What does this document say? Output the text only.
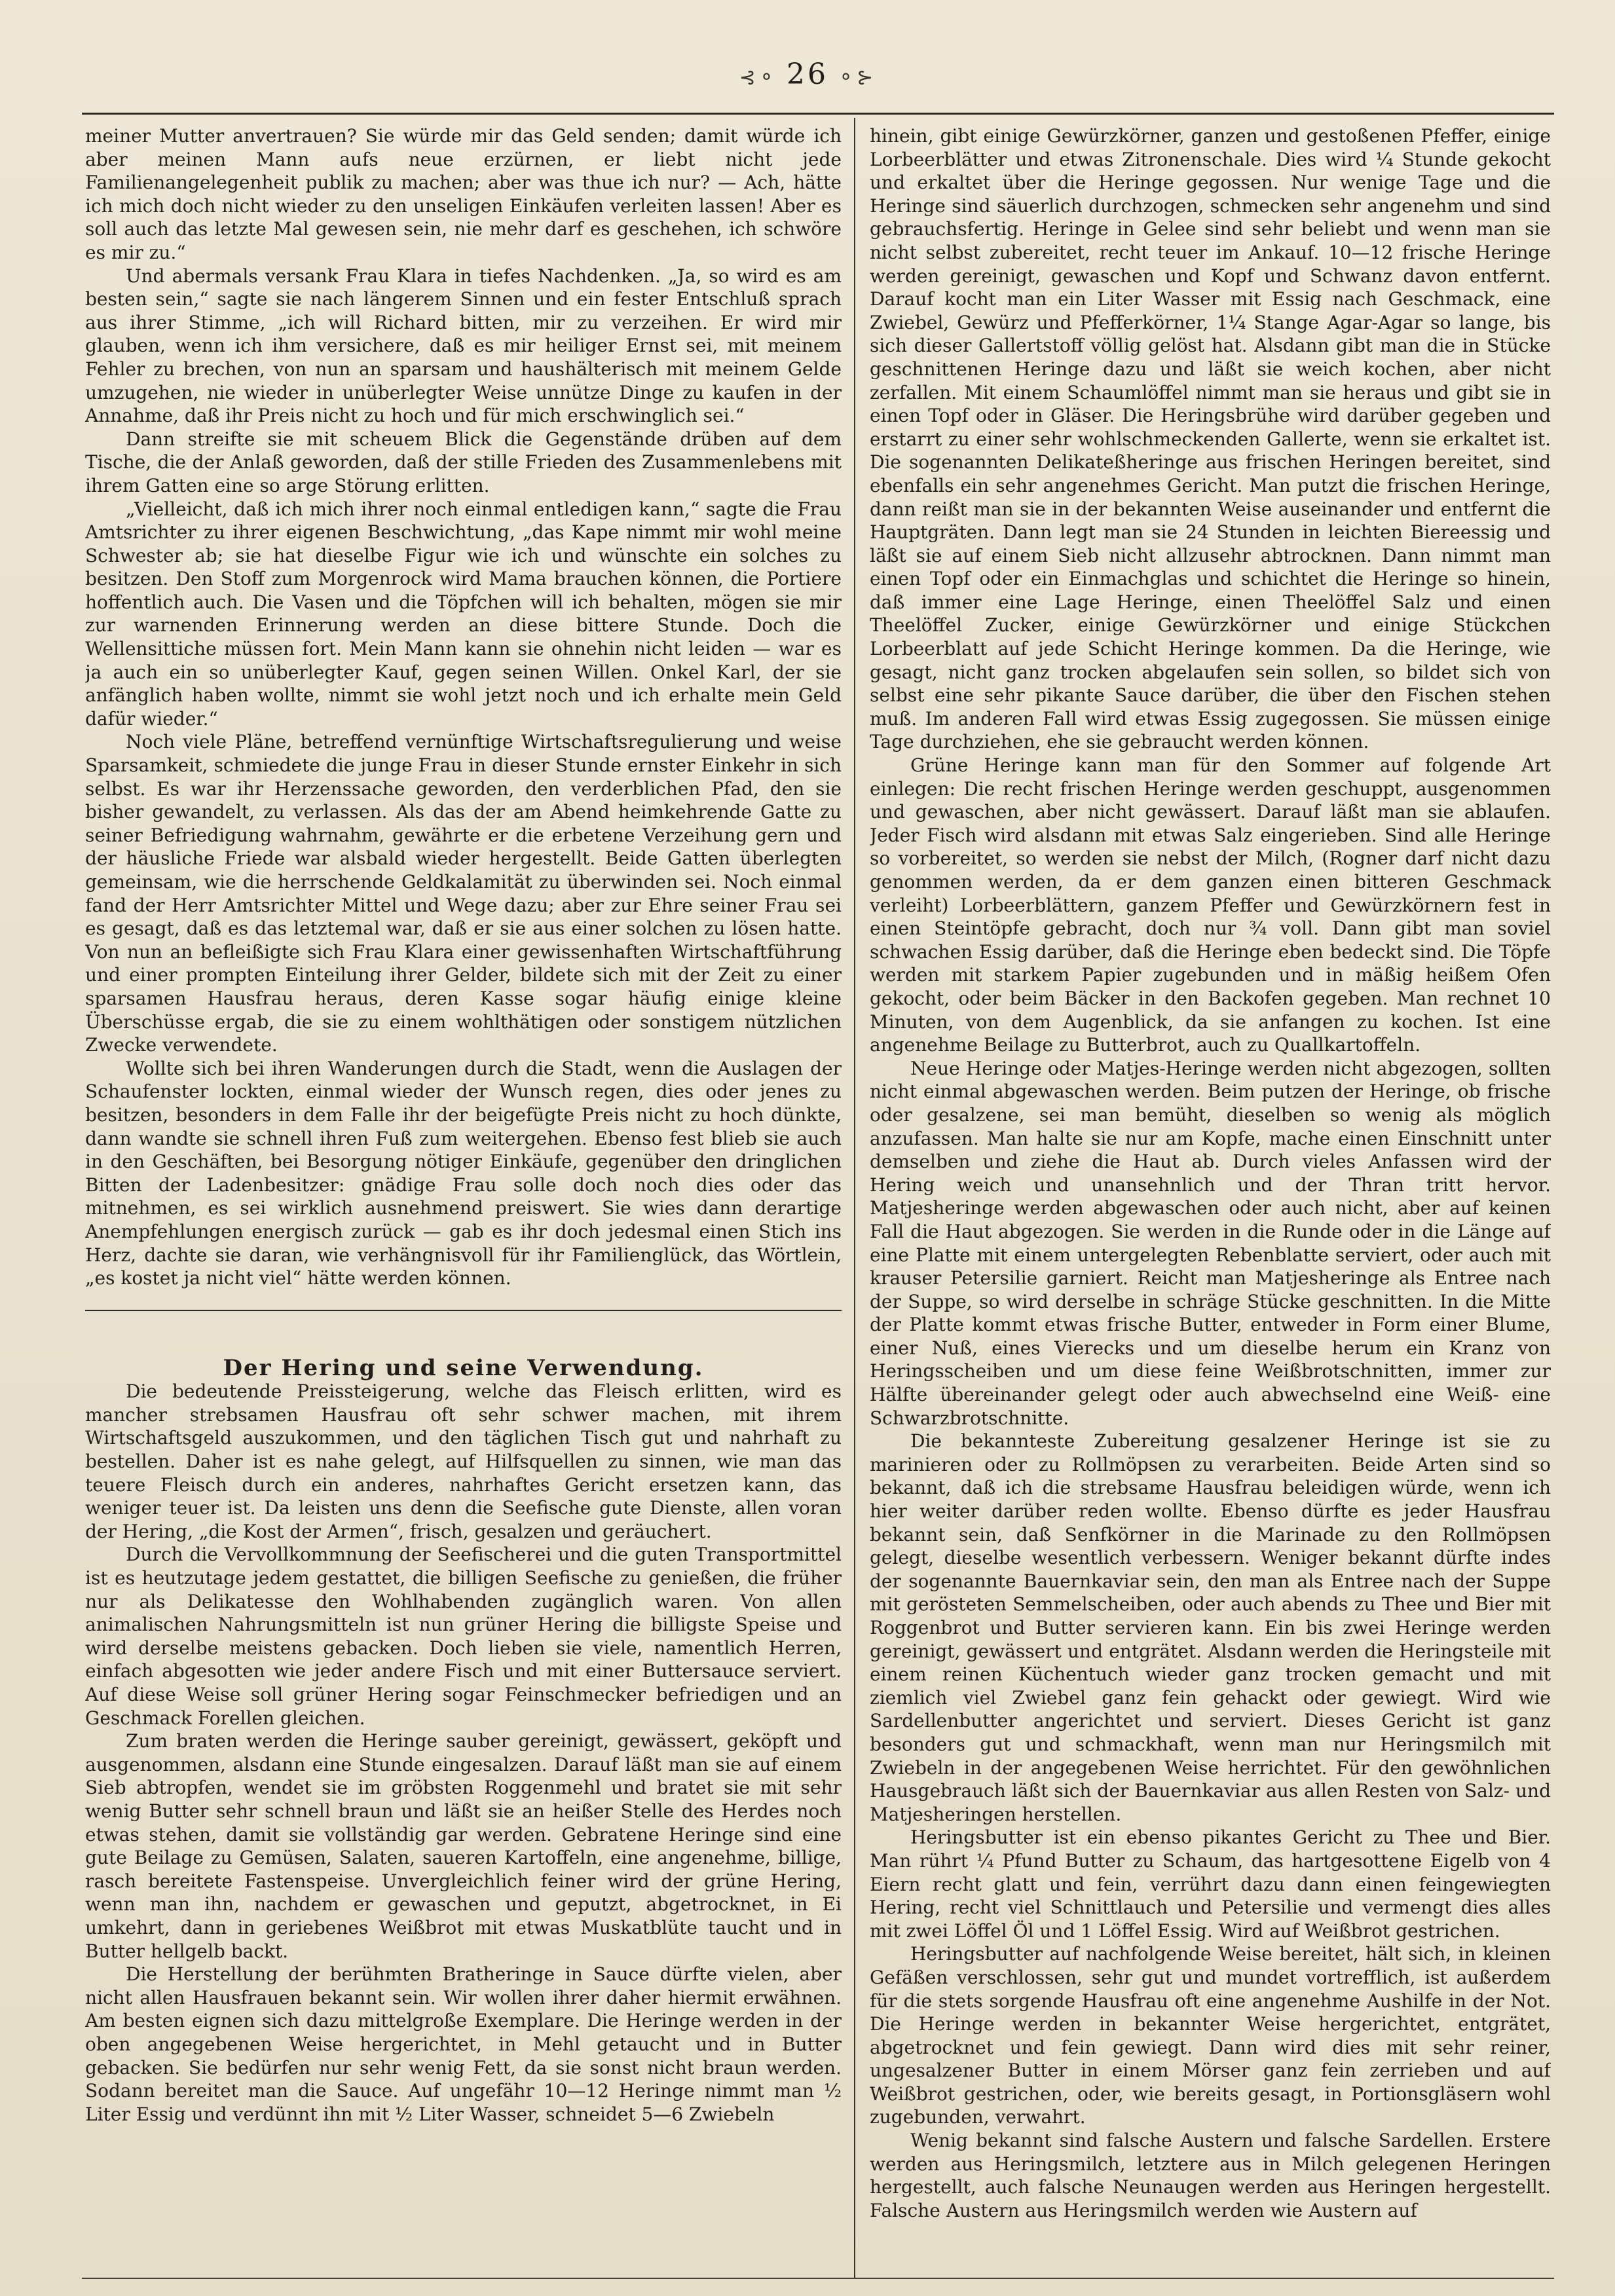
⊰⚬ 26 ⚬⊱

meiner Mutter anvertrauen? Sie würde mir das Geld senden; damit würde ich aber meinen Mann aufs neue erzürnen, er liebt nicht jede Familienangelegenheit publik zu machen; aber was thue ich nur? — Ach, hätte ich mich doch nicht wieder zu den unseligen Einkäufen verleiten lassen! Aber es soll auch das letzte Mal gewesen sein, nie mehr darf es geschehen, ich schwöre es mir zu.“

Und abermals versank Frau Klara in tiefes Nachdenken. „Ja, so wird es am besten sein,“ sagte sie nach längerem Sinnen und ein fester Entschluß sprach aus ihrer Stimme, „ich will Richard bitten, mir zu verzeihen. Er wird mir glauben, wenn ich ihm versichere, daß es mir heiliger Ernst sei, mit meinem Fehler zu brechen, von nun an sparsam und haushälterisch mit meinem Gelde umzugehen, nie wieder in unüberlegter Weise unnütze Dinge zu kaufen in der Annahme, daß ihr Preis nicht zu hoch und für mich erschwinglich sei.“

Dann streifte sie mit scheuem Blick die Gegenstände drüben auf dem Tische, die der Anlaß geworden, daß der stille Frieden des Zusammenlebens mit ihrem Gatten eine so arge Störung erlitten.

„Vielleicht, daß ich mich ihrer noch einmal entledigen kann,“ sagte die Frau Amtsrichter zu ihrer eigenen Beschwichtung, „das Kape nimmt mir wohl meine Schwester ab; sie hat dieselbe Figur wie ich und wünschte ein solches zu besitzen. Den Stoff zum Morgenrock wird Mama brauchen können, die Portiere hoffentlich auch. Die Vasen und die Töpfchen will ich behalten, mögen sie mir zur warnenden Erinnerung werden an diese bittere Stunde. Doch die Wellensittiche müssen fort. Mein Mann kann sie ohnehin nicht leiden — war es ja auch ein so unüberlegter Kauf, gegen seinen Willen. Onkel Karl, der sie anfänglich haben wollte, nimmt sie wohl jetzt noch und ich erhalte mein Geld dafür wieder.“

Noch viele Pläne, betreffend vernünftige Wirtschaftsregulierung und weise Sparsamkeit, schmiedete die junge Frau in dieser Stunde ernster Einkehr in sich selbst. Es war ihr Herzenssache geworden, den verderblichen Pfad, den sie bisher gewandelt, zu verlassen. Als das der am Abend heimkehrende Gatte zu seiner Befriedigung wahrnahm, gewährte er die erbetene Verzeihung gern und der häusliche Friede war alsbald wieder hergestellt. Beide Gatten überlegten gemeinsam, wie die herrschende Geldkalamität zu überwinden sei. Noch einmal fand der Herr Amtsrichter Mittel und Wege dazu; aber zur Ehre seiner Frau sei es gesagt, daß es das letztemal war, daß er sie aus einer solchen zu lösen hatte. Von nun an befleißigte sich Frau Klara einer gewissenhaften Wirtschaftführung und einer prompten Einteilung ihrer Gelder, bildete sich mit der Zeit zu einer sparsamen Hausfrau heraus, deren Kasse sogar häufig einige kleine Überschüsse ergab, die sie zu einem wohlthätigen oder sonstigem nützlichen Zwecke verwendete.

Wollte sich bei ihren Wanderungen durch die Stadt, wenn die Auslagen der Schaufenster lockten, einmal wieder der Wunsch regen, dies oder jenes zu besitzen, besonders in dem Falle ihr der beigefügte Preis nicht zu hoch dünkte, dann wandte sie schnell ihren Fuß zum weitergehen. Ebenso fest blieb sie auch in den Geschäften, bei Besorgung nötiger Einkäufe, gegenüber den dringlichen Bitten der Ladenbesitzer: gnädige Frau solle doch noch dies oder das mitnehmen, es sei wirklich ausnehmend preiswert. Sie wies dann derartige Anempfehlungen energisch zurück — gab es ihr doch jedesmal einen Stich ins Herz, dachte sie daran, wie verhängnisvoll für ihr Familienglück, das Wörtlein, „es kostet ja nicht viel“ hätte werden können.

Der Hering und seine Verwendung.

Die bedeutende Preissteigerung, welche das Fleisch erlitten, wird es mancher strebsamen Hausfrau oft sehr schwer machen, mit ihrem Wirtschaftsgeld auszukommen, und den täglichen Tisch gut und nahrhaft zu bestellen. Daher ist es nahe gelegt, auf Hilfsquellen zu sinnen, wie man das teuere Fleisch durch ein anderes, nahrhaftes Gericht ersetzen kann, das weniger teuer ist. Da leisten uns denn die Seefische gute Dienste, allen voran der Hering, „die Kost der Armen“, frisch, gesalzen und geräuchert.

Durch die Vervollkommnung der Seefischerei und die guten Transportmittel ist es heutzutage jedem gestattet, die billigen Seefische zu genießen, die früher nur als Delikatesse den Wohlhabenden zugänglich waren. Von allen animalischen Nahrungsmitteln ist nun grüner Hering die billigste Speise und wird derselbe meistens gebacken. Doch lieben sie viele, namentlich Herren, einfach abgesotten wie jeder andere Fisch und mit einer Buttersauce serviert. Auf diese Weise soll grüner Hering sogar Feinschmecker befriedigen und an Geschmack Forellen gleichen.

Zum braten werden die Heringe sauber gereinigt, gewässert, geköpft und ausgenommen, alsdann eine Stunde eingesalzen. Darauf läßt man sie auf einem Sieb abtropfen, wendet sie im gröbsten Roggenmehl und bratet sie mit sehr wenig Butter sehr schnell braun und läßt sie an heißer Stelle des Herdes noch etwas stehen, damit sie vollständig gar werden. Gebratene Heringe sind eine gute Beilage zu Gemüsen, Salaten, saueren Kartoffeln, eine angenehme, billige, rasch bereitete Fastenspeise. Unvergleichlich feiner wird der grüne Hering, wenn man ihn, nachdem er gewaschen und geputzt, abgetrocknet, in Ei umkehrt, dann in geriebenes Weißbrot mit etwas Muskatblüte taucht und in Butter hellgelb backt.

Die Herstellung der berühmten Bratheringe in Sauce dürfte vielen, aber nicht allen Hausfrauen bekannt sein. Wir wollen ihrer daher hiermit erwähnen. Am besten eignen sich dazu mittelgroße Exemplare. Die Heringe werden in der oben angegebenen Weise hergerichtet, in Mehl getaucht und in Butter gebacken. Sie bedürfen nur sehr wenig Fett, da sie sonst nicht braun werden. Sodann bereitet man die Sauce. Auf ungefähr 10—12 Heringe nimmt man ½ Liter Essig und verdünnt ihn mit ½ Liter Wasser, schneidet 5—6 Zwiebeln

hinein, gibt einige Gewürzkörner, ganzen und gestoßenen Pfeffer, einige Lorbeerblätter und etwas Zitronenschale. Dies wird ¼ Stunde gekocht und erkaltet über die Heringe gegossen. Nur wenige Tage und die Heringe sind säuerlich durchzogen, schmecken sehr angenehm und sind gebrauchsfertig. Heringe in Gelee sind sehr beliebt und wenn man sie nicht selbst zubereitet, recht teuer im Ankauf. 10—12 frische Heringe werden gereinigt, gewaschen und Kopf und Schwanz davon entfernt. Darauf kocht man ein Liter Wasser mit Essig nach Geschmack, eine Zwiebel, Gewürz und Pfefferkörner, 1¼ Stange Agar-Agar so lange, bis sich dieser Gallertstoff völlig gelöst hat. Alsdann gibt man die in Stücke geschnittenen Heringe dazu und läßt sie weich kochen, aber nicht zerfallen. Mit einem Schaumlöffel nimmt man sie heraus und gibt sie in einen Topf oder in Gläser. Die Heringsbrühe wird darüber gegeben und erstarrt zu einer sehr wohlschmeckenden Gallerte, wenn sie erkaltet ist. Die sogenannten Delikateßheringe aus frischen Heringen bereitet, sind ebenfalls ein sehr angenehmes Gericht. Man putzt die frischen Heringe, dann reißt man sie in der bekannten Weise auseinander und entfernt die Hauptgräten. Dann legt man sie 24 Stunden in leichten Biereessig und läßt sie auf einem Sieb nicht allzusehr abtrocknen. Dann nimmt man einen Topf oder ein Einmachglas und schichtet die Heringe so hinein, daß immer eine Lage Heringe, einen Theelöffel Salz und einen Theelöffel Zucker, einige Gewürzkörner und einige Stückchen Lorbeerblatt auf jede Schicht Heringe kommen. Da die Heringe, wie gesagt, nicht ganz trocken abgelaufen sein sollen, so bildet sich von selbst eine sehr pikante Sauce darüber, die über den Fischen stehen muß. Im anderen Fall wird etwas Essig zugegossen. Sie müssen einige Tage durchziehen, ehe sie gebraucht werden können.

Grüne Heringe kann man für den Sommer auf folgende Art einlegen: Die recht frischen Heringe werden geschuppt, ausgenommen und gewaschen, aber nicht gewässert. Darauf läßt man sie ablaufen. Jeder Fisch wird alsdann mit etwas Salz eingerieben. Sind alle Heringe so vorbereitet, so werden sie nebst der Milch, (Rogner darf nicht dazu genommen werden, da er dem ganzen einen bitteren Geschmack verleiht) Lorbeerblättern, ganzem Pfeffer und Gewürzkörnern fest in einen Steintöpfe gebracht, doch nur ¾ voll. Dann gibt man soviel schwachen Essig darüber, daß die Heringe eben bedeckt sind. Die Töpfe werden mit starkem Papier zugebunden und in mäßig heißem Ofen gekocht, oder beim Bäcker in den Backofen gegeben. Man rechnet 10 Minuten, von dem Augenblick, da sie anfangen zu kochen. Ist eine angenehme Beilage zu Butterbrot, auch zu Quallkartoffeln.

Neue Heringe oder Matjes-Heringe werden nicht abgezogen, sollten nicht einmal abgewaschen werden. Beim putzen der Heringe, ob frische oder gesalzene, sei man bemüht, dieselben so wenig als möglich anzufassen. Man halte sie nur am Kopfe, mache einen Einschnitt unter demselben und ziehe die Haut ab. Durch vieles Anfassen wird der Hering weich und unansehnlich und der Thran tritt hervor. Matjesheringe werden abgewaschen oder auch nicht, aber auf keinen Fall die Haut abgezogen. Sie werden in die Runde oder in die Länge auf eine Platte mit einem untergelegten Rebenblatte serviert, oder auch mit krauser Petersilie garniert. Reicht man Matjesheringe als Entree nach der Suppe, so wird derselbe in schräge Stücke geschnitten. In die Mitte der Platte kommt etwas frische Butter, entweder in Form einer Blume, einer Nuß, eines Vierecks und um dieselbe herum ein Kranz von Heringsscheiben und um diese feine Weißbrotschnitten, immer zur Hälfte übereinander gelegt oder auch abwechselnd eine Weiß- eine Schwarzbrotschnitte.

Die bekannteste Zubereitung gesalzener Heringe ist sie zu marinieren oder zu Rollmöpsen zu verarbeiten. Beide Arten sind so bekannt, daß ich die strebsame Hausfrau beleidigen würde, wenn ich hier weiter darüber reden wollte. Ebenso dürfte es jeder Hausfrau bekannt sein, daß Senfkörner in die Marinade zu den Rollmöpsen gelegt, dieselbe wesentlich verbessern. Weniger bekannt dürfte indes der sogenannte Bauernkaviar sein, den man als Entree nach der Suppe mit gerösteten Semmelscheiben, oder auch abends zu Thee und Bier mit Roggenbrot und Butter servieren kann. Ein bis zwei Heringe werden gereinigt, gewässert und entgrätet. Alsdann werden die Heringsteile mit einem reinen Küchentuch wieder ganz trocken gemacht und mit ziemlich viel Zwiebel ganz fein gehackt oder gewiegt. Wird wie Sardellenbutter angerichtet und serviert. Dieses Gericht ist ganz besonders gut und schmackhaft, wenn man nur Heringsmilch mit Zwiebeln in der angegebenen Weise herrichtet. Für den gewöhnlichen Hausgebrauch läßt sich der Bauernkaviar aus allen Resten von Salz- und Matjesheringen herstellen.

Heringsbutter ist ein ebenso pikantes Gericht zu Thee und Bier. Man rührt ¼ Pfund Butter zu Schaum, das hartgesottene Eigelb von 4 Eiern recht glatt und fein, verrührt dazu dann einen feingewiegten Hering, recht viel Schnittlauch und Petersilie und vermengt dies alles mit zwei Löffel Öl und 1 Löffel Essig. Wird auf Weißbrot gestrichen.

Heringsbutter auf nachfolgende Weise bereitet, hält sich, in kleinen Gefäßen verschlossen, sehr gut und mundet vortrefflich, ist außerdem für die stets sorgende Hausfrau oft eine angenehme Aushilfe in der Not. Die Heringe werden in bekannter Weise hergerichtet, entgrätet, abgetrocknet und fein gewiegt. Dann wird dies mit sehr reiner, ungesalzener Butter in einem Mörser ganz fein zerrieben und auf Weißbrot gestrichen, oder, wie bereits gesagt, in Portionsgläsern wohl zugebunden, verwahrt.

Wenig bekannt sind falsche Austern und falsche Sardellen. Erstere werden aus Heringsmilch, letztere aus in Milch gelegenen Heringen hergestellt, auch falsche Neunaugen werden aus Heringen hergestellt. Falsche Austern aus Heringsmilch werden wie Austern auf
